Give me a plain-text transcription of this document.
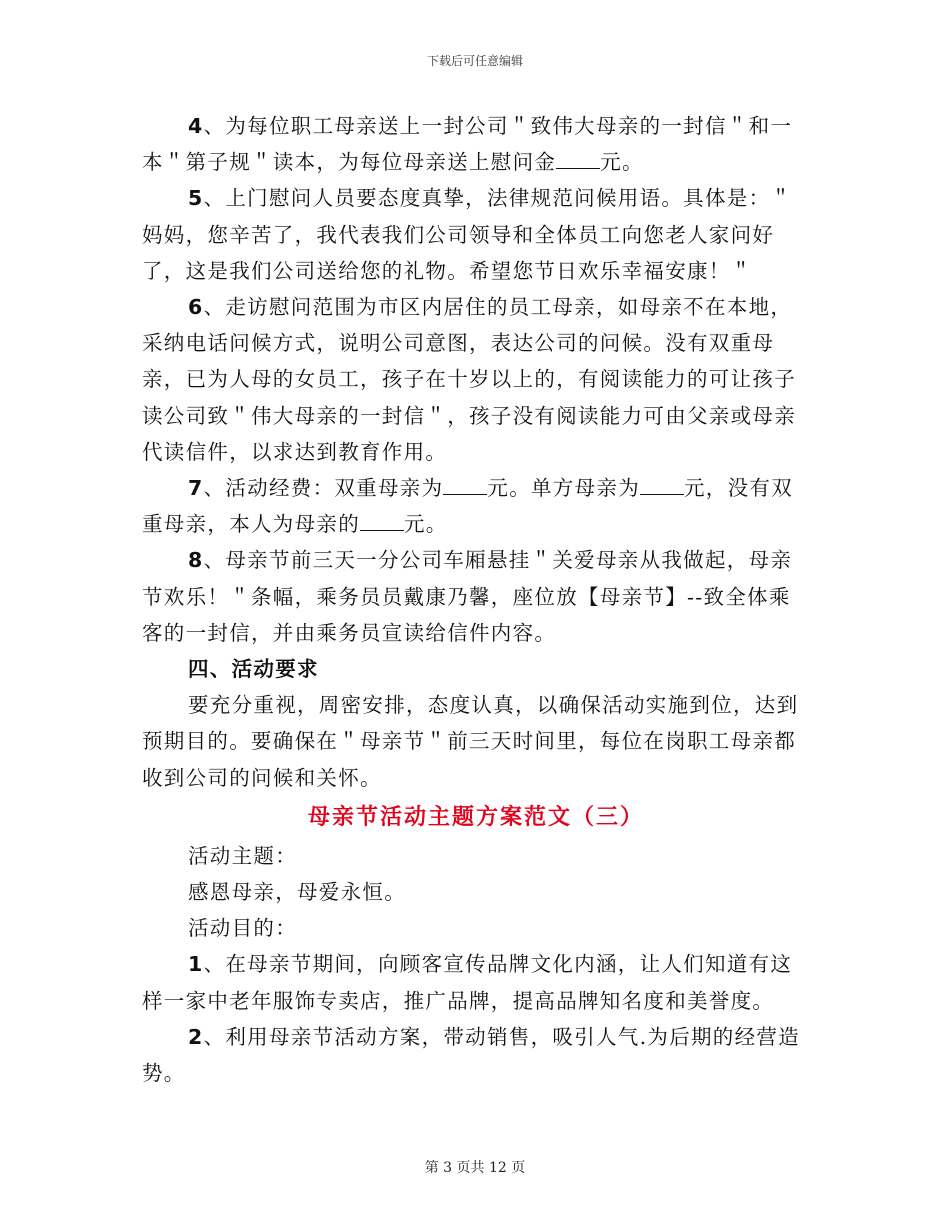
下载后可任意编辑

4、为每位职工母亲送上一封公司＂致伟大母亲的一封信＂和一本＂第子规＂读本，为每位母亲送上慰问金 元。

5、上门慰问人员要态度真挚，法律规范问候用语。具体是：＂妈妈，您辛苦了，我代表我们公司领导和全体员工向您老人家问好了，这是我们公司送给您的礼物。希望您节日欢乐幸福安康！＂

6、走访慰问范围为市区内居住的员工母亲，如母亲不在本地，采纳电话问候方式，说明公司意图，表达公司的问候。没有双重母亲，已为人母的女员工，孩子在十岁以上的，有阅读能力的可让孩子读公司致＂伟大母亲的一封信＂，孩子没有阅读能力可由父亲或母亲代读信件，以求达到教育作用。

7、活动经费：双重母亲为 元。单方母亲为 元，没有双重母亲，本人为母亲的 元。

8、母亲节前三天一分公司车厢悬挂＂关爱母亲从我做起，母亲节欢乐！＂条幅，乘务员员戴康乃馨，座位放【母亲节】--致全体乘客的一封信，并由乘务员宣读给信件内容。

四、活动要求

要充分重视，周密安排，态度认真，以确保活动实施到位，达到预期目的。要确保在＂母亲节＂前三天时间里，每位在岗职工母亲都收到公司的问候和关怀。

母亲节活动主题方案范文（三）

活动主题：

感恩母亲，母爱永恒。

活动目的：

1、在母亲节期间，向顾客宣传品牌文化内涵，让人们知道有这样一家中老年服饰专卖店，推广品牌，提高品牌知名度和美誉度。

2、利用母亲节活动方案，带动销售，吸引人气.为后期的经营造势。

第 3 页共 12 页
